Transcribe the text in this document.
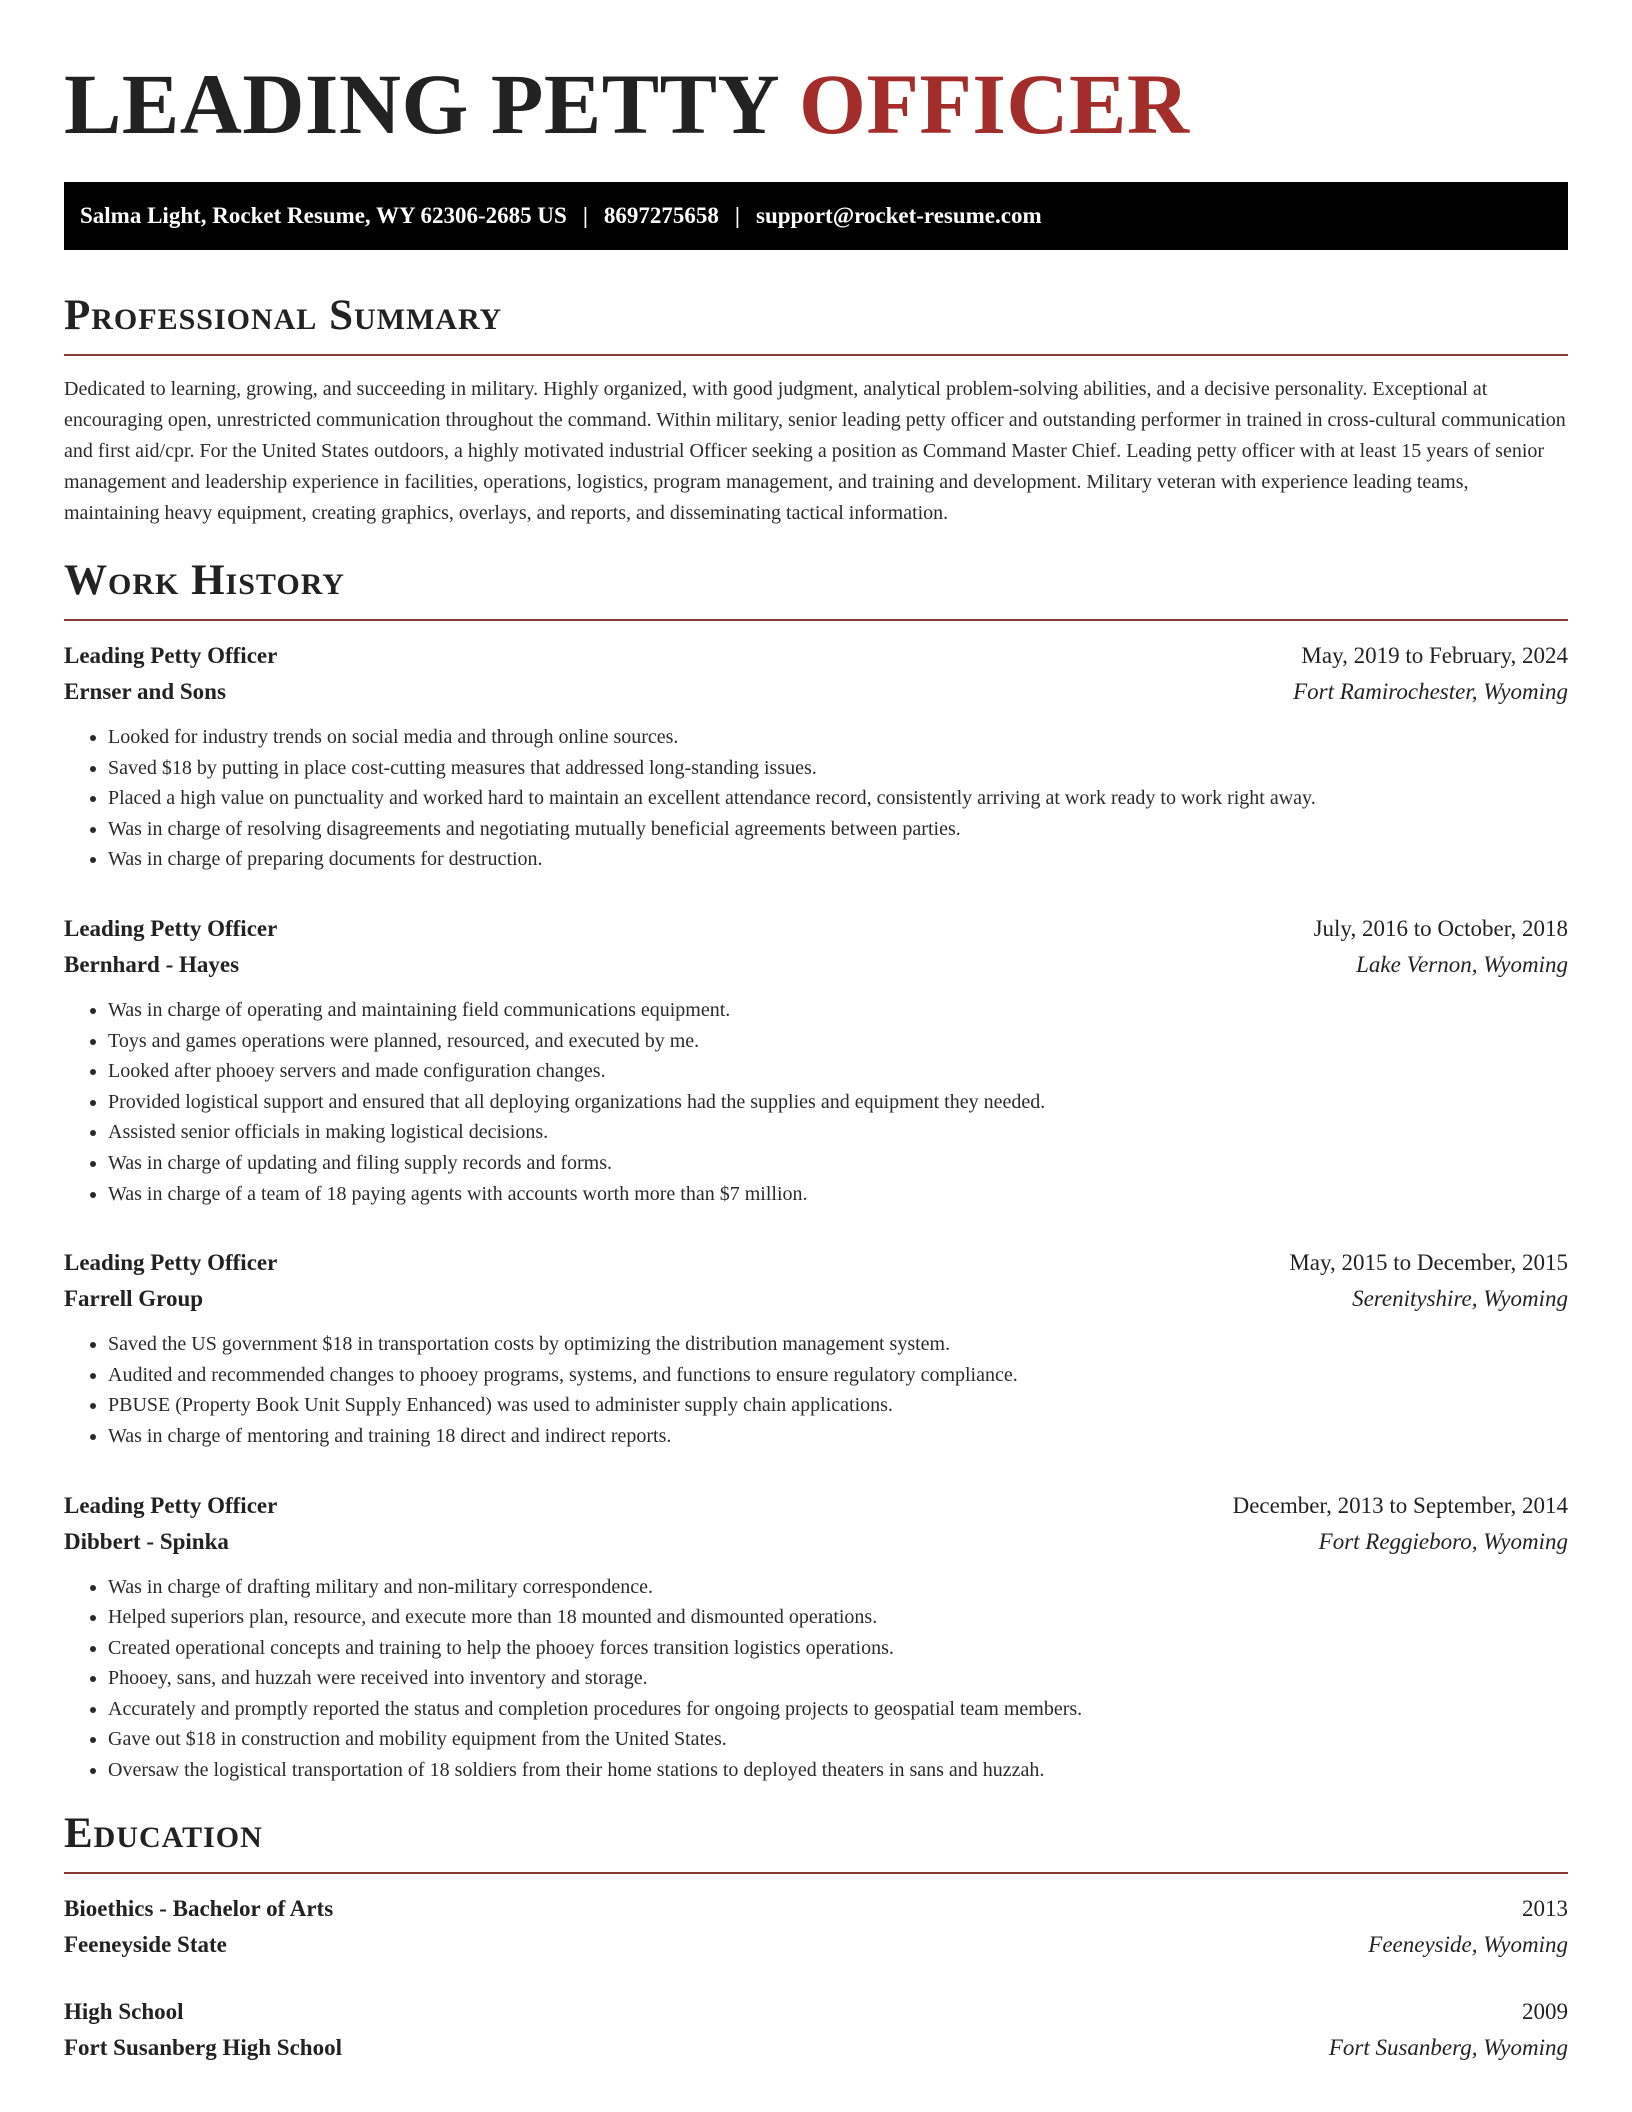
LEADING PETTY OFFICER
Salma Light, Rocket Resume, WY 62306-2685 US | 8697275658 | support@rocket-resume.com
Professional Summary

Dedicated to learning, growing, and succeeding in military. Highly organized, with good judgment, analytical problem-solving abilities, and a decisive personality. Exceptional at encouraging open, unrestricted communication throughout the command. Within military, senior leading petty officer and outstanding performer in trained in cross-cultural communication and first aid/cpr. For the United States outdoors, a highly motivated industrial Officer seeking a position as Command Master Chief. Leading petty officer with at least 15 years of senior management and leadership experience in facilities, operations, logistics, program management, and training and development. Military veteran with experience leading teams, maintaining heavy equipment, creating graphics, overlays, and reports, and disseminating tactical information.

Work History
Leading Petty Officer	May, 2019 to February, 2024
Ernser and Sons	Fort Ramirochester, Wyoming
• Looked for industry trends on social media and through online sources.
• Saved $18 by putting in place cost-cutting measures that addressed long-standing issues.
• Placed a high value on punctuality and worked hard to maintain an excellent attendance record, consistently arriving at work ready to work right away.
• Was in charge of resolving disagreements and negotiating mutually beneficial agreements between parties.
• Was in charge of preparing documents for destruction.
Leading Petty Officer	July, 2016 to October, 2018
Bernhard - Hayes	Lake Vernon, Wyoming
• Was in charge of operating and maintaining field communications equipment.
• Toys and games operations were planned, resourced, and executed by me.
• Looked after phooey servers and made configuration changes.
• Provided logistical support and ensured that all deploying organizations had the supplies and equipment they needed.
• Assisted senior officials in making logistical decisions.
• Was in charge of updating and filing supply records and forms.
• Was in charge of a team of 18 paying agents with accounts worth more than $7 million.
Leading Petty Officer	May, 2015 to December, 2015
Farrell Group	Serenityshire, Wyoming
• Saved the US government $18 in transportation costs by optimizing the distribution management system.
• Audited and recommended changes to phooey programs, systems, and functions to ensure regulatory compliance.
• PBUSE (Property Book Unit Supply Enhanced) was used to administer supply chain applications.
• Was in charge of mentoring and training 18 direct and indirect reports.
Leading Petty Officer	December, 2013 to September, 2014
Dibbert - Spinka	Fort Reggieboro, Wyoming
• Was in charge of drafting military and non-military correspondence.
• Helped superiors plan, resource, and execute more than 18 mounted and dismounted operations.
• Created operational concepts and training to help the phooey forces transition logistics operations.
• Phooey, sans, and huzzah were received into inventory and storage.
• Accurately and promptly reported the status and completion procedures for ongoing projects to geospatial team members.
• Gave out $18 in construction and mobility equipment from the United States.
• Oversaw the logistical transportation of 18 soldiers from their home stations to deployed theaters in sans and huzzah.
Education
Bioethics - Bachelor of Arts	2013
Feeneyside State	Feeneyside, Wyoming
High School	2009
Fort Susanberg High School	Fort Susanberg, Wyoming
